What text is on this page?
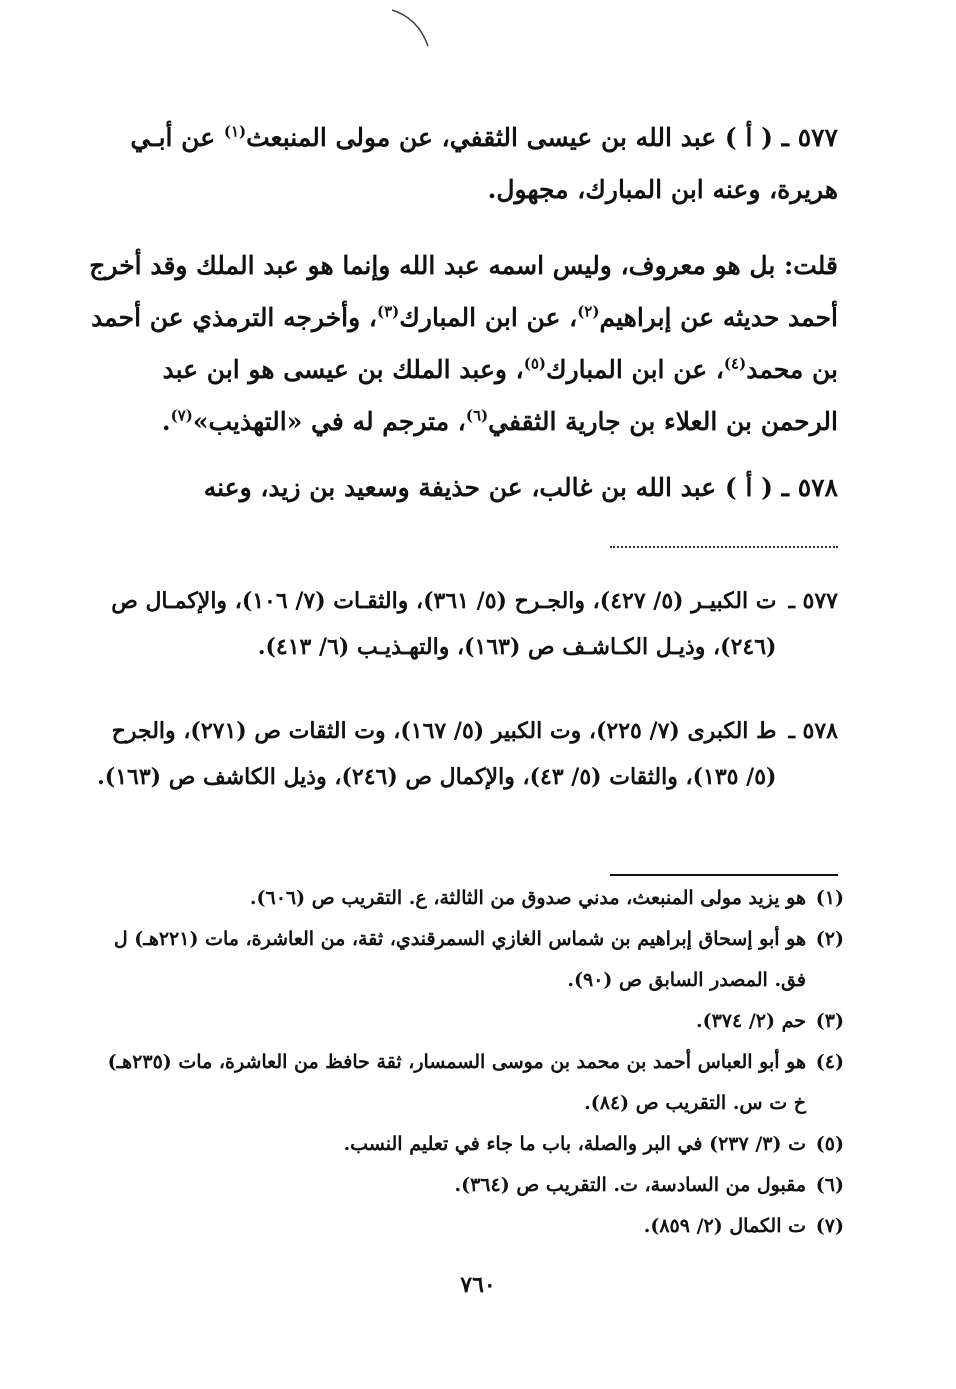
٥٧٧ ـ ( أ ) عبد الله بن عيسى الثقفي، عن مولى المنبعث$^{(١)}$ عن أبـي هريرة، وعنه ابن المبارك، مجهول.

قلت: بل هو معروف، وليس اسمه عبد الله وإنما هو عبد الملك وقد أخرج أحمد حديثه عن إبراهيم$^{(٢)}$، عن ابن المبارك$^{(٣)}$، وأخرجه الترمذي عن أحمد بن محمد$^{(٤)}$، عن ابن المبارك$^{(٥)}$، وعبد الملك بن عيسى هو ابن عبد الرحمن بن العلاء بن جارية الثقفي$^{(٦)}$، مترجم له في «التهذيب»$^{(٧)}$.

٥٧٨ ـ ( أ ) عبد الله بن غالب، عن حذيفة وسعيد بن زيد، وعنه

٥٧٧ ـ
ت الكبيـر (٥/ ٤٢٧)، والجـرح (٥/ ٣٦١)، والثقـات (٧/ ١٠٦)، والإكمـال ص (٢٤٦)، وذيـل الكـاشـف ص (١٦٣)، والتهـذيـب (٦/ ٤١٣).
٥٧٨ ـ
ط الكبرى (٧/ ٢٢٥)، وت الكبير (٥/ ١٦٧)، وت الثقات ص (٢٧١)، والجرح (٥/ ١٣٥)، والثقات (٥/ ٤٣)، والإكمال ص (٢٤٦)، وذيل الكاشف ص (١٦٣).
(١)
هو يزيد مولى المنبعث، مدني صدوق من الثالثة، ع. التقريب ص (٦٠٦).
(٢)
هو أبو إسحاق إبراهيم بن شماس الغازي السمرقندي، ثقة، من العاشرة، مات (٢٢١هـ) ل فق. المصدر السابق ص (٩٠).
(٣)
حم (٢/ ٣٧٤).
(٤)
هو أبو العباس أحمد بن محمد بن موسى السمسار، ثقة حافظ من العاشرة، مات (٢٣٥هـ) خ ت س. التقريب ص (٨٤).
(٥)
ت (٣/ ٢٣٧) في البر والصلة، باب ما جاء في تعليم النسب.
(٦)
مقبول من السادسة، ت. التقريب ص (٣٦٤).
(٧)
ت الكمال (٢/ ٨٥٩).
٧٦٠
